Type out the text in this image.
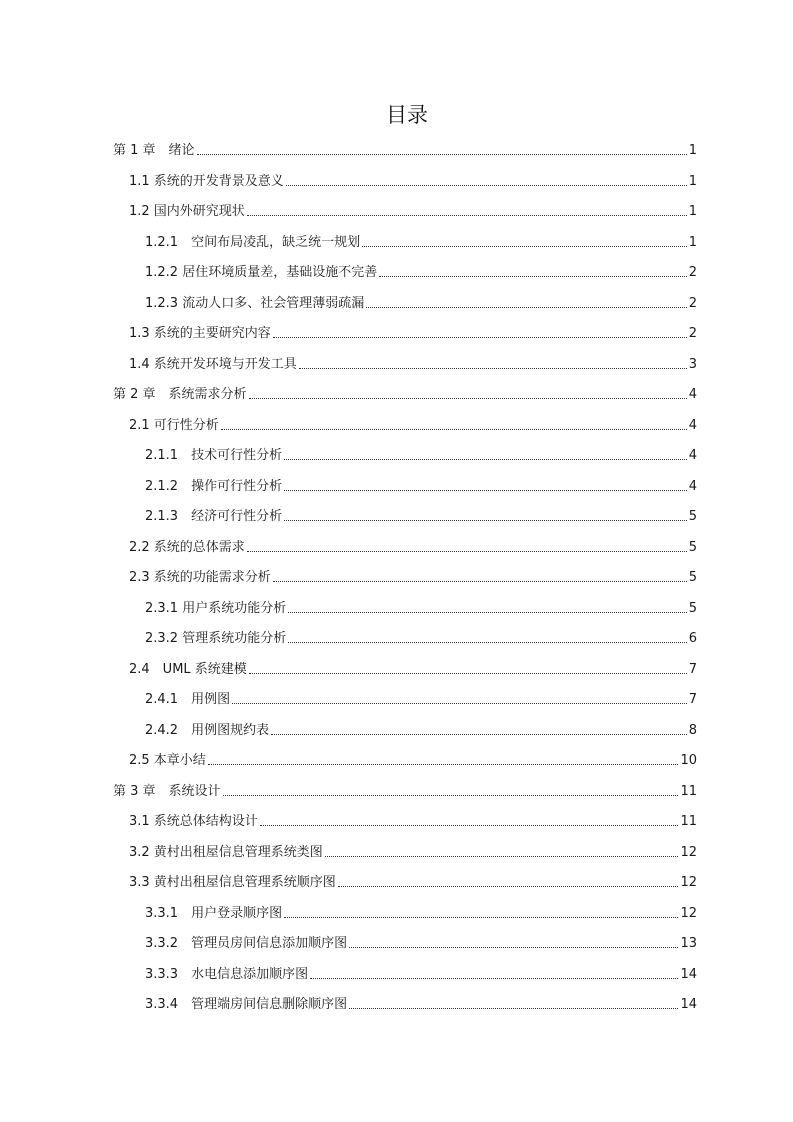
目录
第 1 章　绪论	1
1.1 系统的开发背景及意义	1
1.2 国内外研究现状	1
1.2.1　空间布局凌乱，缺乏统一规划	1
1.2.2 居住环境质量差，基础设施不完善	2
1.2.3 流动人口多、社会管理薄弱疏漏	2
1.3 系统的主要研究内容	2
1.4 系统开发环境与开发工具	3
第 2 章　系统需求分析	4
2.1 可行性分析	4
2.1.1　技术可行性分析	4
2.1.2　操作可行性分析	4
2.1.3　经济可行性分析	5
2.2 系统的总体需求	5
2.3 系统的功能需求分析	5
2.3.1 用户系统功能分析	5
2.3.2 管理系统功能分析	6
2.4　UML 系统建模	7
2.4.1　用例图	7
2.4.2　用例图规约表	8
2.5 本章小结	10
第 3 章　系统设计	11
3.1 系统总体结构设计	11
3.2 黄村出租屋信息管理系统类图	12
3.3 黄村出租屋信息管理系统顺序图	12
3.3.1　用户登录顺序图	12
3.3.2　管理员房间信息添加顺序图	13
3.3.3　水电信息添加顺序图	14
3.3.4　管理端房间信息删除顺序图	14
